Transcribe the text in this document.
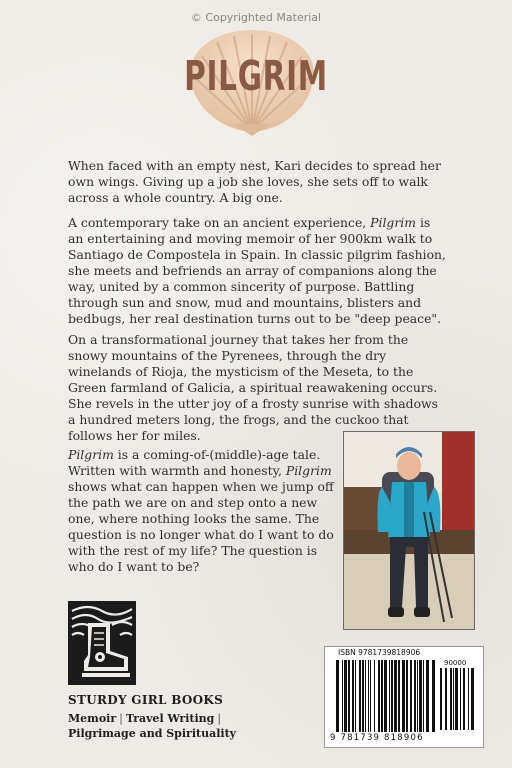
© Copyrighted Material
PILGRIM

When faced with an empty nest, Kari decides to spread her own wings. Giving up a job she loves, she sets off to walk across a whole country. A big one.

A contemporary take on an ancient experience, Pilgrim is an entertaining and moving memoir of her 900km walk to Santiago de Compostela in Spain. In classic pilgrim fashion, she meets and befriends an array of companions along the way, united by a common sincerity of purpose. Battling through sun and snow, mud and mountains, blisters and bedbugs, her real destination turns out to be "deep peace".

On a transformational journey that takes her from the snowy mountains of the Pyrenees, through the dry winelands of Rioja, the mysticism of the Meseta, to the Green farmland of Galicia, a spiritual reawakening occurs. She revels in the utter joy of a frosty sunrise with shadows a hundred meters long, the frogs, and the cuckoo that follows her for miles.

Pilgrim is a coming-of-(middle)-age tale. Written with warmth and honesty, Pilgrim shows what can happen when we jump off the path we are on and step onto a new one, where nothing looks the same. The question is no longer what do I want to do with the rest of my life? The question is who do I want to be?

STURDY GIRL BOOKS

Memoir | Travel Writing |
Pilgrimage and Spirituality

ISBN 9781739818906
90000
9 781739 818906
